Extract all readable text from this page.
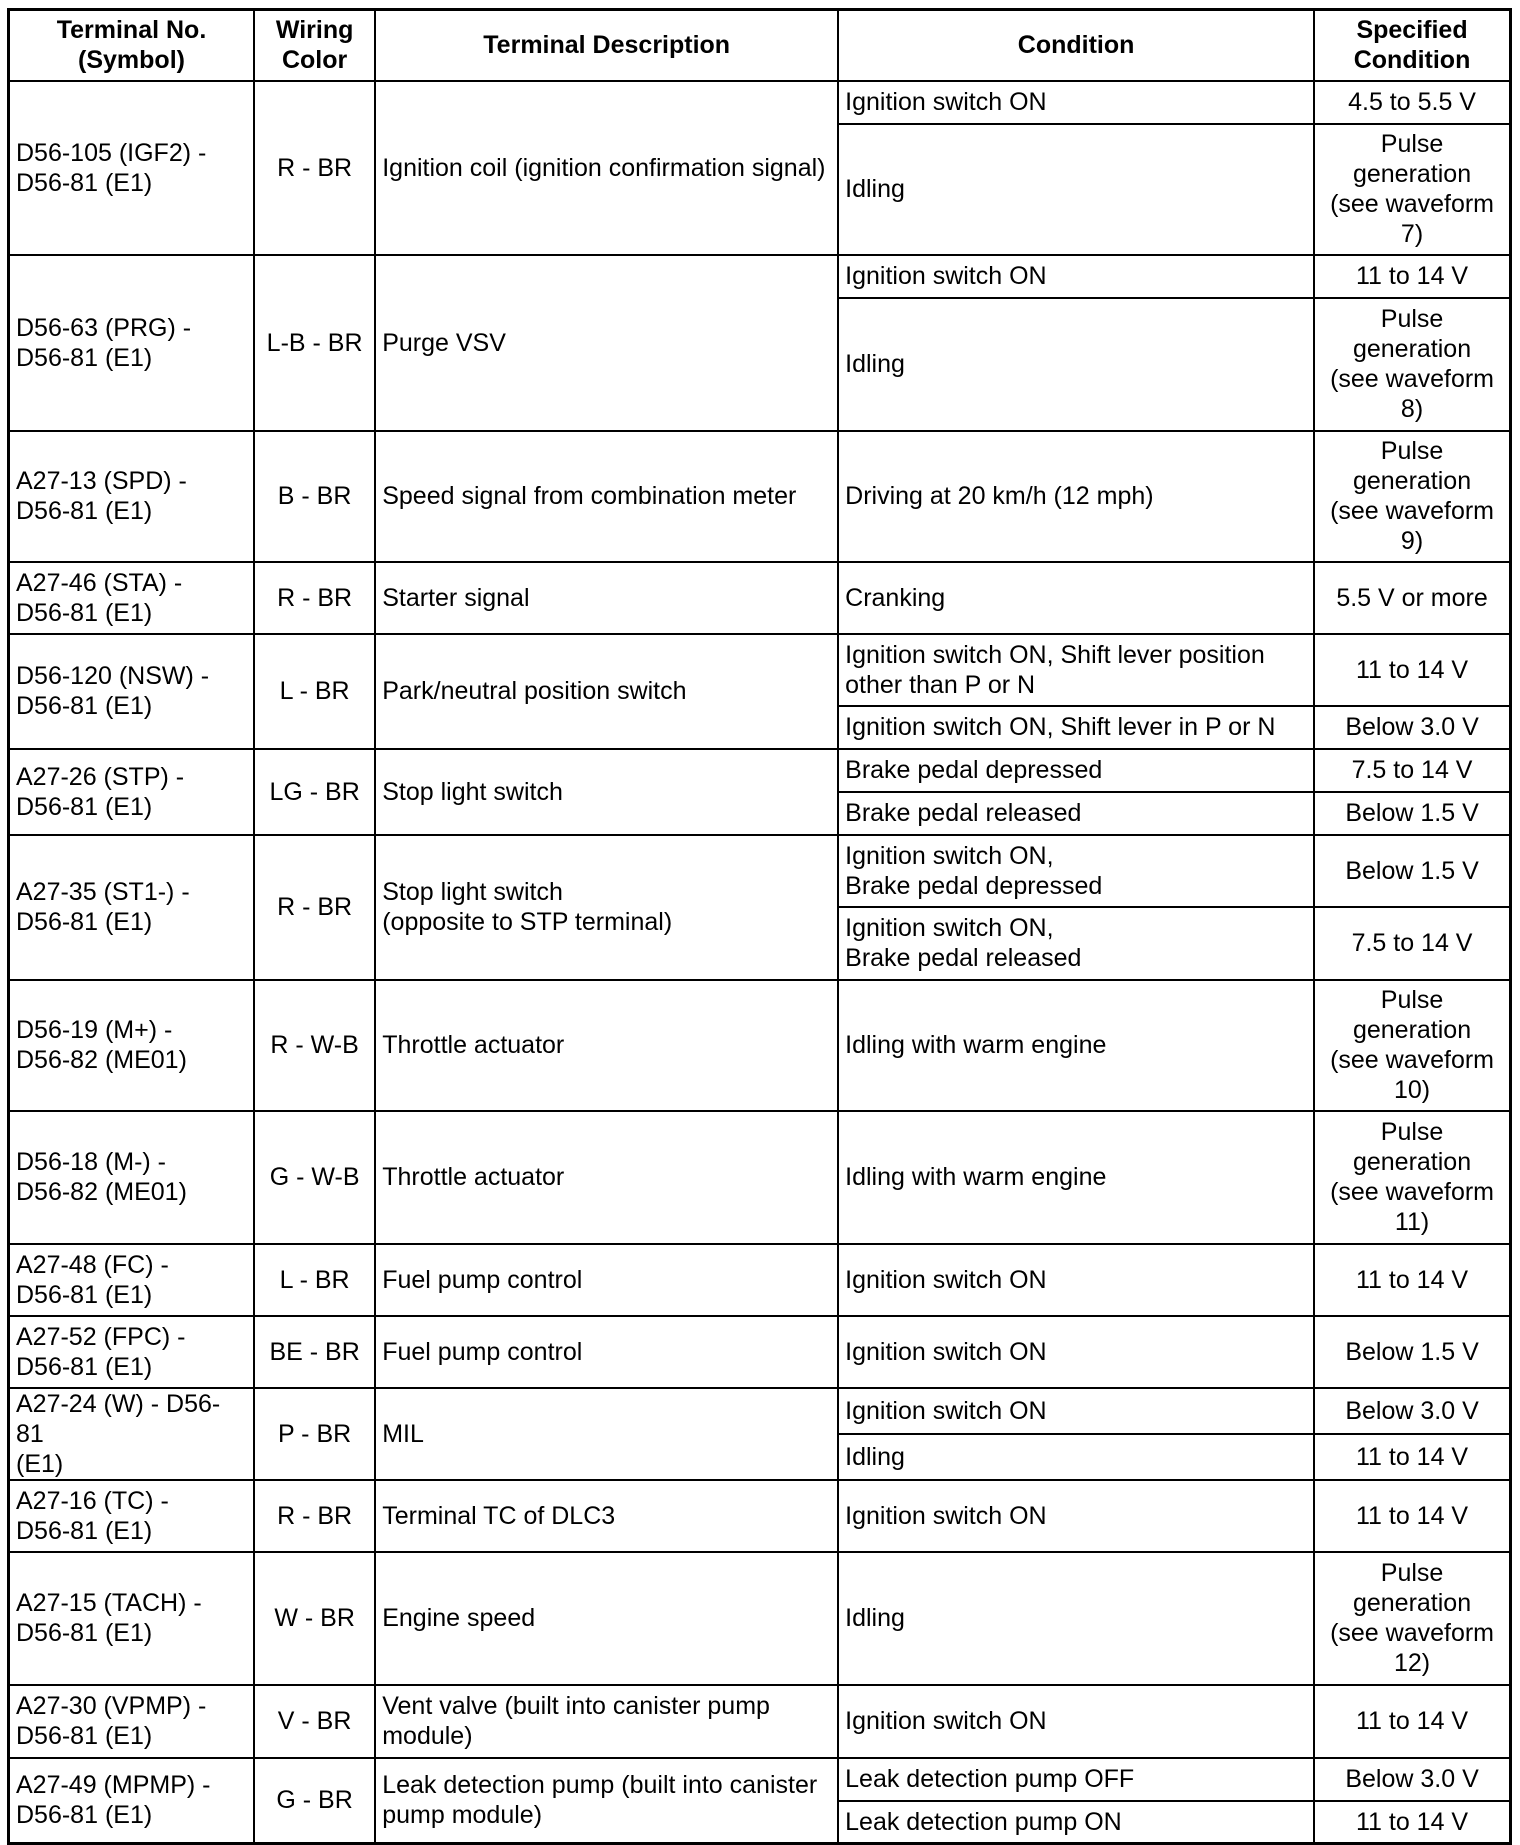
Terminal No.
(Symbol)	Wiring
Color	Terminal Description	Condition	Specified
Condition
D56-105 (IGF2) -
D56-81 (E1)	R - BR	Ignition coil (ignition confirmation signal)	Ignition switch ON	4.5 to 5.5 V
			Idling	Pulse
generation
(see waveform
7)
D56-63 (PRG) -
D56-81 (E1)	L-B - BR	Purge VSV	Ignition switch ON	11 to 14 V
			Idling	Pulse
generation
(see waveform
8)
A27-13 (SPD) -
D56-81 (E1)	B - BR	Speed signal from combination meter	Driving at 20 km/h (12 mph)	Pulse
generation
(see waveform
9)
A27-46 (STA) -
D56-81 (E1)	R - BR	Starter signal	Cranking	5.5 V or more
D56-120 (NSW) -
D56-81 (E1)	L - BR	Park/neutral position switch	Ignition switch ON, Shift lever position
other than P or N	11 to 14 V
			Ignition switch ON, Shift lever in P or N	Below 3.0 V
A27-26 (STP) -
D56-81 (E1)	LG - BR	Stop light switch	Brake pedal depressed	7.5 to 14 V
			Brake pedal released	Below 1.5 V
A27-35 (ST1-) -
D56-81 (E1)	R - BR	Stop light switch
(opposite to STP terminal)	Ignition switch ON,
Brake pedal depressed	Below 1.5 V
			Ignition switch ON,
Brake pedal released	7.5 to 14 V
D56-19 (M+) -
D56-82 (ME01)	R - W-B	Throttle actuator	Idling with warm engine	Pulse
generation
(see waveform
10)
D56-18 (M-) -
D56-82 (ME01)	G - W-B	Throttle actuator	Idling with warm engine	Pulse
generation
(see waveform
11)
A27-48 (FC) -
D56-81 (E1)	L - BR	Fuel pump control	Ignition switch ON	11 to 14 V
A27-52 (FPC) -
D56-81 (E1)	BE - BR	Fuel pump control	Ignition switch ON	Below 1.5 V
A27-24 (W) - D56-81
(E1)	P - BR	MIL	Ignition switch ON	Below 3.0 V
			Idling	11 to 14 V
A27-16 (TC) -
D56-81 (E1)	R - BR	Terminal TC of DLC3	Ignition switch ON	11 to 14 V
A27-15 (TACH) -
D56-81 (E1)	W - BR	Engine speed	Idling	Pulse
generation
(see waveform
12)
A27-30 (VPMP) -
D56-81 (E1)	V - BR	Vent valve (built into canister pump
module)	Ignition switch ON	11 to 14 V
A27-49 (MPMP) -
D56-81 (E1)	G - BR	Leak detection pump (built into canister
pump module)	Leak detection pump OFF	Below 3.0 V
			Leak detection pump ON	11 to 14 V
